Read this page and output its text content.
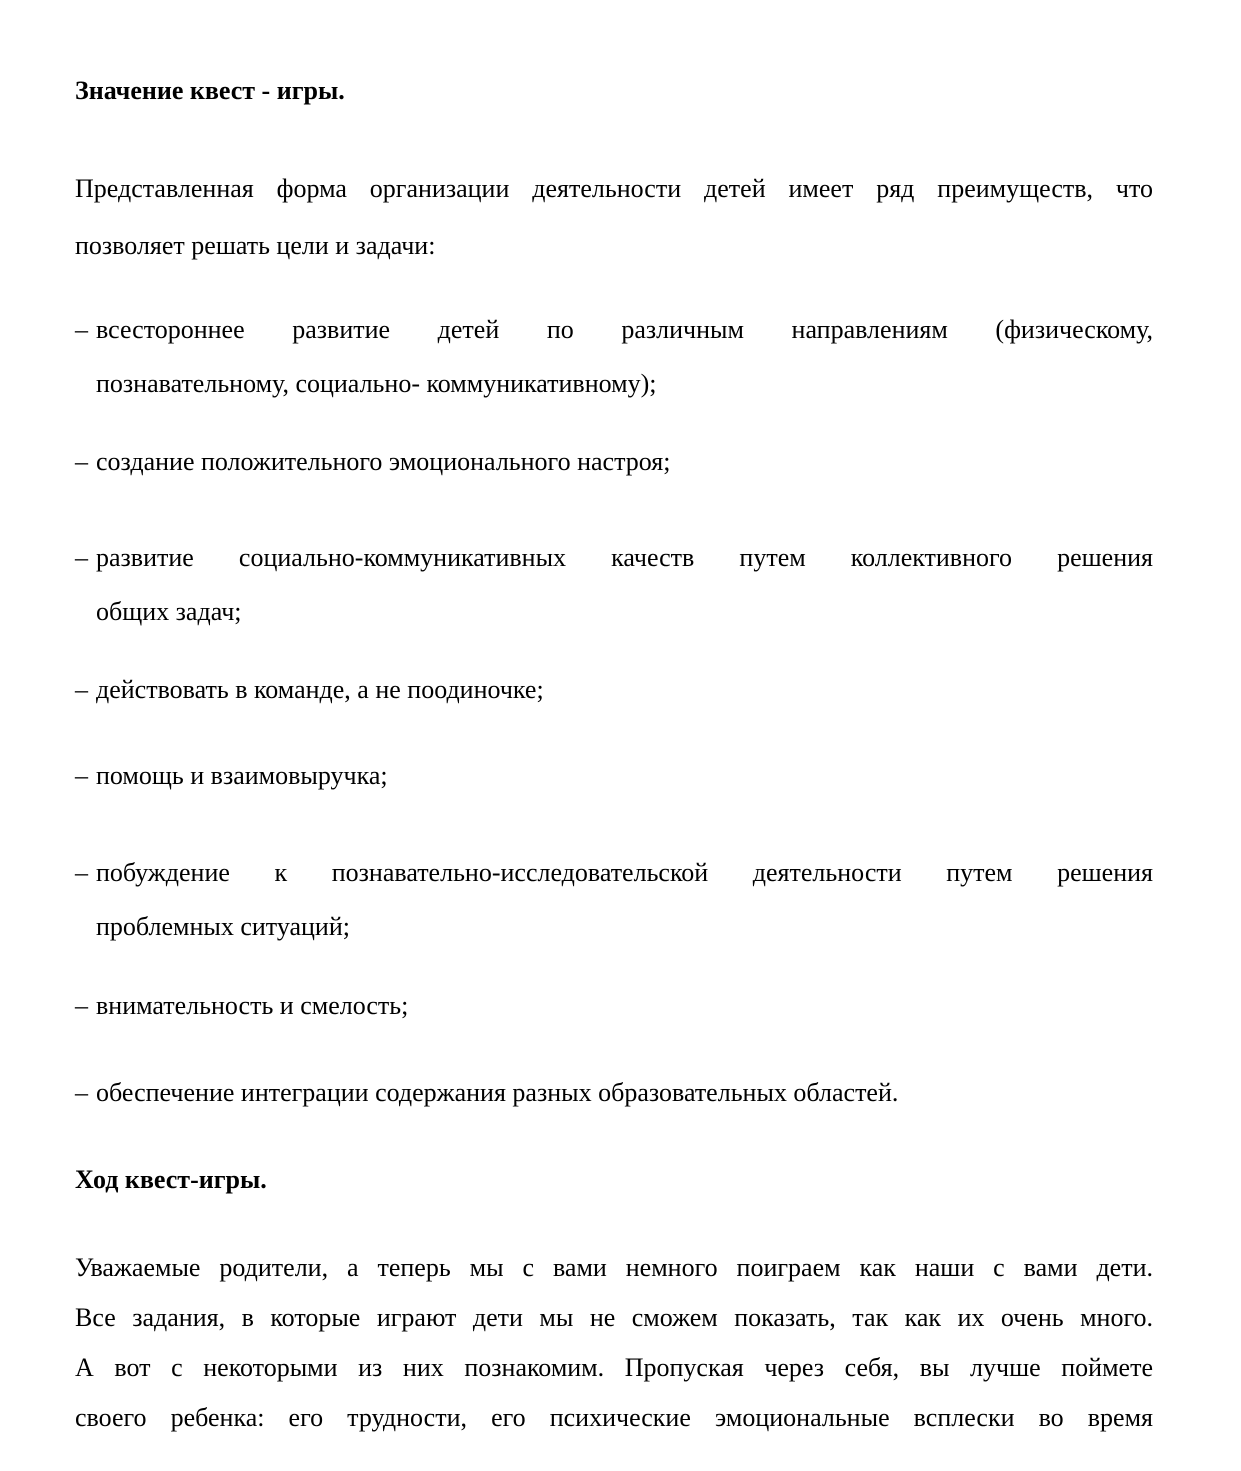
Значение квест - игры.
Представленная форма организации деятельности детей имеет ряд преимуществ, что
позволяет решать цели и задачи:
– всестороннее развитие детей по различным направлениям (физическому,
познавательному, социально- коммуникативному);
– создание положительного эмоционального настроя;
– развитие социально-коммуникативных качеств путем коллективного решения
общих задач;
– действовать в команде, а не поодиночке;
– помощь и взаимовыручка;
– побуждение к познавательно-исследовательской деятельности путем решения
проблемных ситуаций;
– внимательность и смелость;
– обеспечение интеграции содержания разных образовательных областей.
Ход квест-игры.
Уважаемые родители, а теперь мы с вами немного поиграем как наши с вами дети.
Все задания, в которые играют дети мы не сможем показать, так как их очень много.
А вот с некоторыми из них познакомим. Пропуская через себя, вы лучше поймете
своего ребенка: его трудности, его психические эмоциональные всплески во время
